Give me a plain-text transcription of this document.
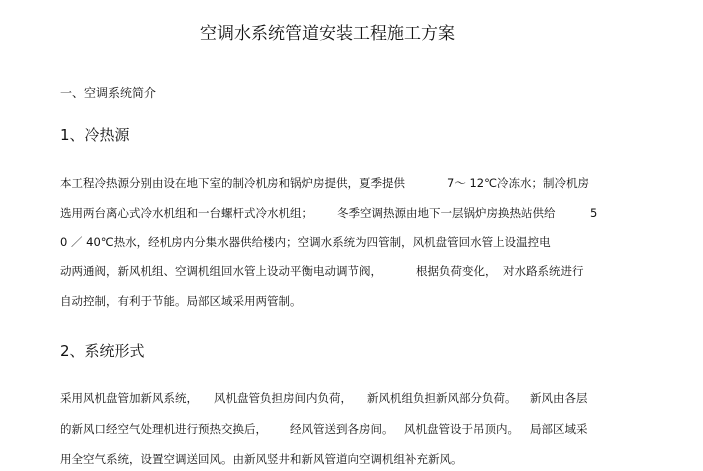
空调水系统管道安装工程施工方案
一、空调系统简介
1、冷热源
本工程冷热源分别由设在地下室的制冷机房和锅炉房提供，夏季提供	7～ 12℃冷冻水；制冷机房
选用两台离心式冷水机组和一台螺杆式冷水机组； 冬季空调热源由地下一层锅炉房换热站供给	5
0 ／ 40℃热水，经机房内分集水器供给楼内；空调水系统为四管制，风机盘管回水管上设温控电
动两通阀，新风机组、空调机组回水管上设动平衡电动调节阀，	根据负荷变化， 对水路系统进行
自动控制，有利于节能。局部区域采用两管制。
2、系统形式
采用风机盘管加新风系统， 风机盘管负担房间内负荷， 新风机组负担新风部分负荷。 新风由各层
的新风口经空气处理机进行预热交换后， 经风管送到各房间。 风机盘管设于吊顶内。 局部区域采
用全空气系统，设置空调送回风。由新风竖井和新风管道向空调机组补充新风。
